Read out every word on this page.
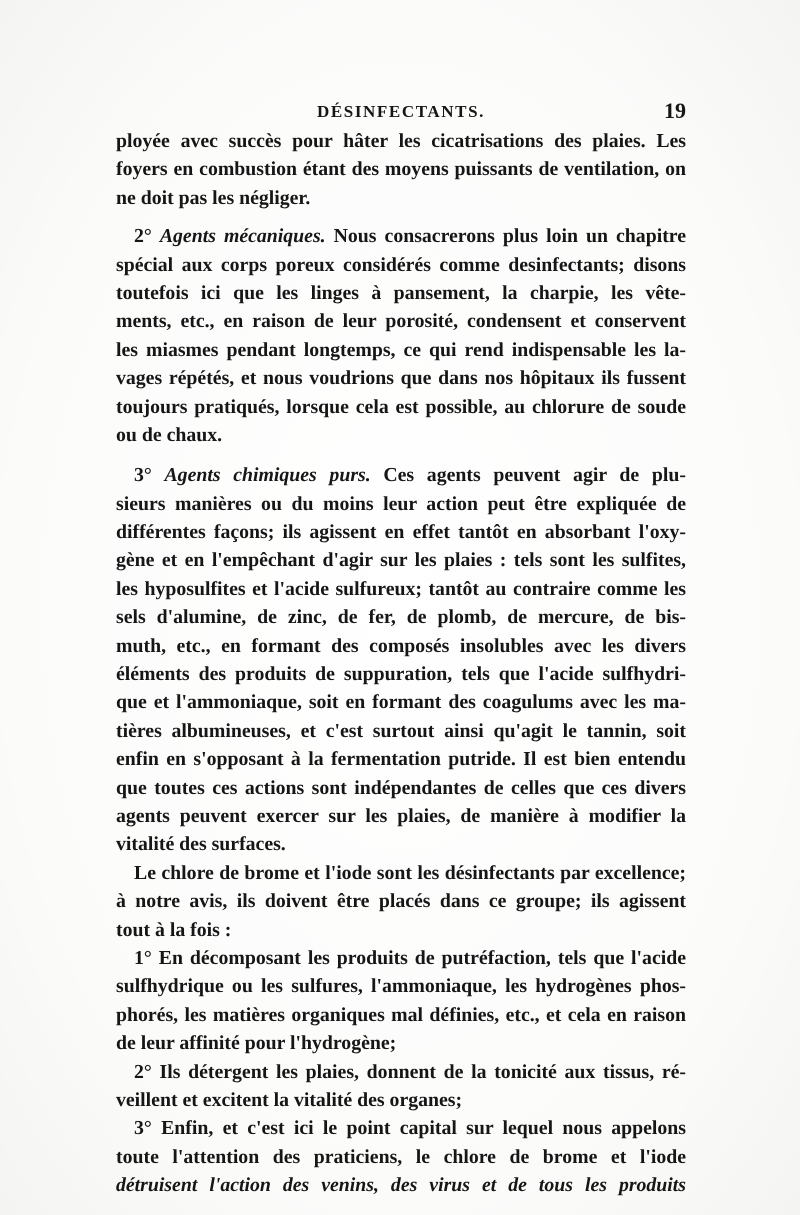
DÉSINFECTANTS.	19
ployée avec succès pour hâter les cicatrisations des plaies. Les
foyers en combustion étant des moyens puissants de ventilation, on
ne doit pas les négliger.
2° Agents mécaniques. Nous consacrerons plus loin un chapitre
spécial aux corps poreux considérés comme desinfectants; disons
toutefois ici que les linges à pansement, la charpie, les vête-
ments, etc., en raison de leur porosité, condensent et conservent
les miasmes pendant longtemps, ce qui rend indispensable les la-
vages répétés, et nous voudrions que dans nos hôpitaux ils fussent
toujours pratiqués, lorsque cela est possible, au chlorure de soude
ou de chaux.
3° Agents chimiques purs. Ces agents peuvent agir de plu-
sieurs manières ou du moins leur action peut être expliquée de
différentes façons; ils agissent en effet tantôt en absorbant l'oxy-
gène et en l'empêchant d'agir sur les plaies : tels sont les sulfites,
les hyposulfites et l'acide sulfureux; tantôt au contraire comme les
sels d'alumine, de zinc, de fer, de plomb, de mercure, de bis-
muth, etc., en formant des composés insolubles avec les divers
éléments des produits de suppuration, tels que l'acide sulfhydri-
que et l'ammoniaque, soit en formant des coagulums avec les ma-
tières albumineuses, et c'est surtout ainsi qu'agit le tannin, soit
enfin en s'opposant à la fermentation putride. Il est bien entendu
que toutes ces actions sont indépendantes de celles que ces divers
agents peuvent exercer sur les plaies, de manière à modifier la
vitalité des surfaces.
Le chlore de brome et l'iode sont les désinfectants par excellence;
à notre avis, ils doivent être placés dans ce groupe; ils agissent
tout à la fois :
1° En décomposant les produits de putréfaction, tels que l'acide
sulfhydrique ou les sulfures, l'ammoniaque, les hydrogènes phos-
phorés, les matières organiques mal définies, etc., et cela en raison
de leur affinité pour l'hydrogène;
2° Ils détergent les plaies, donnent de la tonicité aux tissus, ré-
veillent et excitent la vitalité des organes;
3° Enfin, et c'est ici le point capital sur lequel nous appelons
toute l'attention des praticiens, le chlore de brome et l'iode
détruisent l'action des venins, des virus et de tous les produits
